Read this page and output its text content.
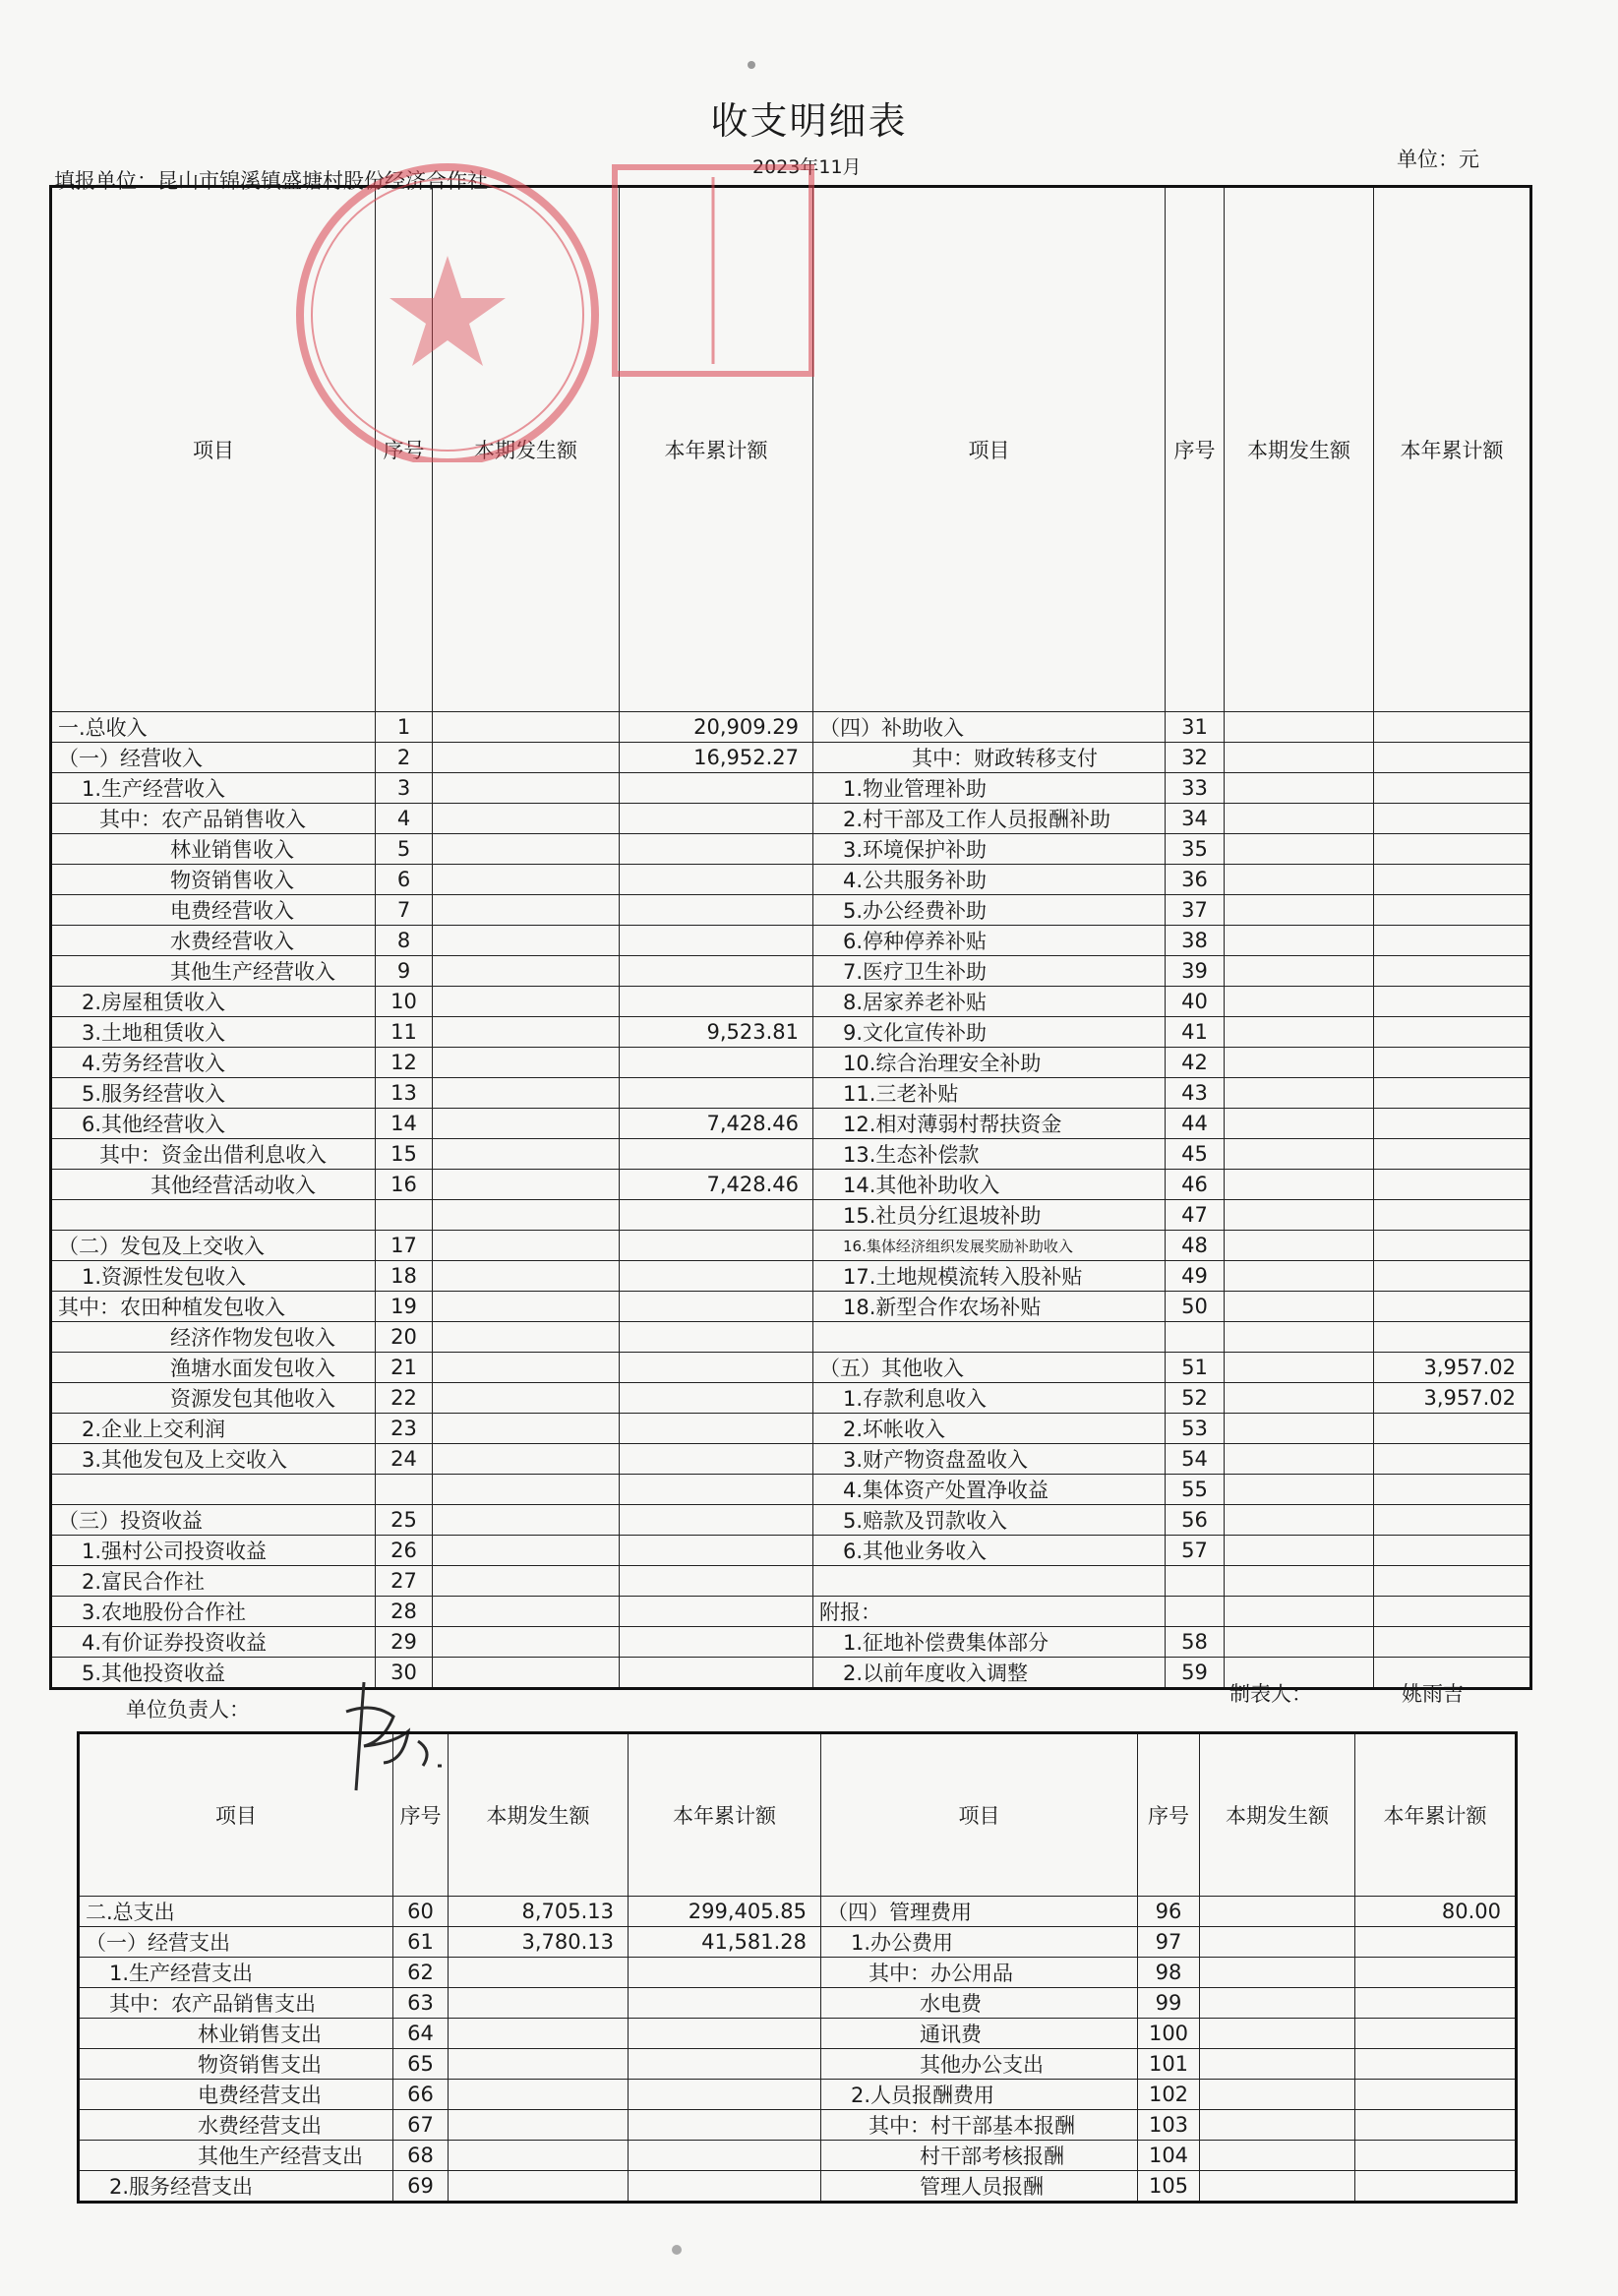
收支明细表
单位：元
填报单位：昆山市锦溪镇盛塘村股份经济合作社
2023年11月
项目	序号	本期发生额	本年累计额	项目	序号	本期发生额	本年累计额
一.总收入	1		20,909.29	（四）补助收入	31		
（一）经营收入	2		16,952.27	其中：财政转移支付	32		
1.生产经营收入	3			1.物业管理补助	33		
其中：农产品销售收入	4			2.村干部及工作人员报酬补助	34		
林业销售收入	5			3.环境保护补助	35		
物资销售收入	6			4.公共服务补助	36		
电费经营收入	7			5.办公经费补助	37		
水费经营收入	8			6.停种停养补贴	38		
其他生产经营收入	9			7.医疗卫生补助	39		
2.房屋租赁收入	10			8.居家养老补贴	40		
3.土地租赁收入	11		9,523.81	9.文化宣传补助	41		
4.劳务经营收入	12			10.综合治理安全补助	42		
5.服务经营收入	13			11.三老补贴	43		
6.其他经营收入	14		7,428.46	12.相对薄弱村帮扶资金	44		
其中：资金出借利息收入	15			13.生态补偿款	45		
其他经营活动收入	16		7,428.46	14.其他补助收入	46		
				15.社员分红退坡补助	47		
（二）发包及上交收入	17			16.集体经济组织发展奖励补助收入	48		
1.资源性发包收入	18			17.土地规模流转入股补贴	49		
其中：农田种植发包收入	19			18.新型合作农场补贴	50		
经济作物发包收入	20						
渔塘水面发包收入	21			（五）其他收入	51		3,957.02
资源发包其他收入	22			1.存款利息收入	52		3,957.02
2.企业上交利润	23			2.坏帐收入	53		
3.其他发包及上交收入	24			3.财产物资盘盈收入	54		
				4.集体资产处置净收益	55		
（三）投资收益	25			5.赔款及罚款收入	56		
1.强村公司投资收益	26			6.其他业务收入	57		
2.富民合作社	27						
3.农地股份合作社	28			附报：			
4.有价证券投资收益	29			1.征地补偿费集体部分	58		
5.其他投资收益	30			2.以前年度收入调整	59		
单位负责人：
制表人：	姚雨吉
项目	序号	本期发生额	本年累计额	项目	序号	本期发生额	本年累计额
二.总支出	60	8,705.13	299,405.85	（四）管理费用	96		80.00
（一）经营支出	61	3,780.13	41,581.28	1.办公费用	97		
1.生产经营支出	62			其中：办公用品	98		
其中：农产品销售支出	63			水电费	99		
林业销售支出	64			通讯费	100		
物资销售支出	65			其他办公支出	101		
电费经营支出	66			2.人员报酬费用	102		
水费经营支出	67			其中：村干部基本报酬	103		
其他生产经营支出	68			村干部考核报酬	104		
2.服务经营支出	69			管理人员报酬	105		
